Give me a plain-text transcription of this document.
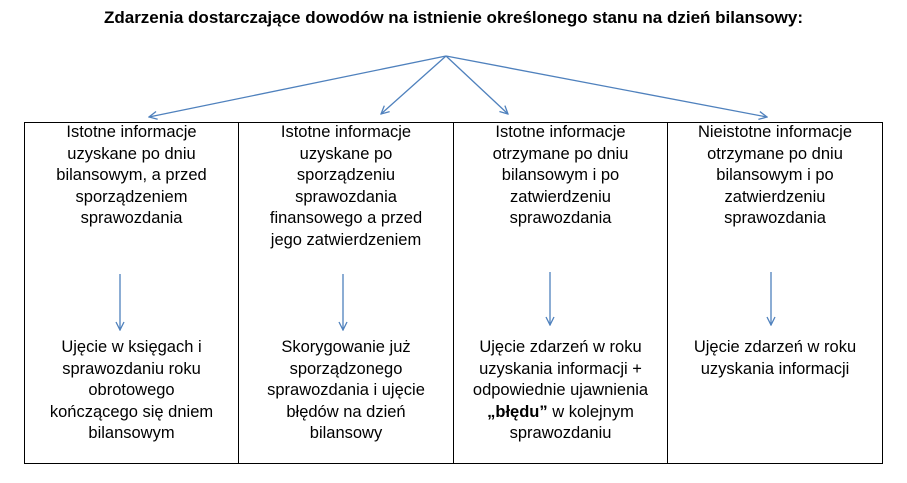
Zdarzenia dostarczające dowodów na istnienie określonego stanu na dzień bilansowy:
Istotne informacje uzyskane po dniu bilansowym, a przed sporządzeniem sprawozdania
Ujęcie w księgach i sprawozdaniu roku obrotowego kończącego się dniem bilansowym
Istotne informacje uzyskane po sporządzeniu sprawozdania finansowego a przed jego zatwierdzeniem
Skorygowanie już sporządzonego sprawozdania i ujęcie błędów na dzień bilansowy
Istotne informacje otrzymane po dniu bilansowym i po zatwierdzeniu sprawozdania
Ujęcie zdarzeń w roku uzyskania informacji + odpowiednie ujawnienia „błędu” w kolejnym sprawozdaniu
Nieistotne informacje otrzymane po dniu bilansowym i po zatwierdzeniu sprawozdania
Ujęcie zdarzeń w roku uzyskania informacji
